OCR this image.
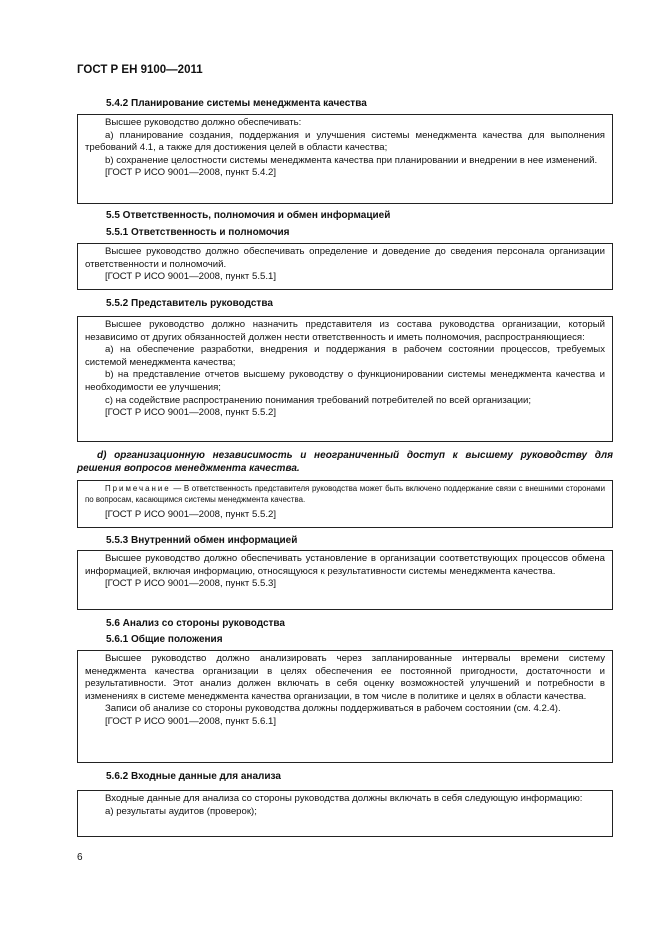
ГОСТ Р ЕН 9100—2011
5.4.2 Планирование системы менеджмента качества

Высшее руководство должно обеспечивать:

а) планирование создания, поддержания и улучшения системы менеджмента качества для выполнения требований 4.1, а также для достижения целей в области качества;

b) сохранение целостности системы менеджмента качества при планировании и внедрении в нее изменений.

[ГОСТ Р ИСО 9001—2008, пункт 5.4.2]

5.5 Ответственность, полномочия и обмен информацией
5.5.1 Ответственность и полномочия

Высшее руководство должно обеспечивать определение и доведение до сведения персонала организации ответственности и полномочий.

[ГОСТ Р ИСО 9001—2008, пункт 5.5.1]

5.5.2 Представитель руководства

Высшее руководство должно назначить представителя из состава руководства организации, который независимо от других обязанностей должен нести ответственность и иметь полномочия, распространяющиеся:

а) на обеспечение разработки, внедрения и поддержания в рабочем состоянии процессов, требуемых системой менеджмента качества;

b) на представление отчетов высшему руководству о функционировании системы менеджмента качества и необходимости ее улучшения;

с) на содействие распространению понимания требований потребителей по всей организации;

[ГОСТ Р ИСО 9001—2008, пункт 5.5.2]

d) организационную независимость и неограниченный доступ к высшему руководству для решения вопросов менеджмента качества.

Примечание — В ответственность представителя руководства может быть включено поддержание связи с внешними сторонами по вопросам, касающимся системы менеджмента качества.

[ГОСТ Р ИСО 9001—2008, пункт 5.5.2]

5.5.3 Внутренний обмен информацией

Высшее руководство должно обеспечивать установление в организации соответствующих процессов обмена информацией, включая информацию, относящуюся к результативности системы менеджмента качества.

[ГОСТ Р ИСО 9001—2008, пункт 5.5.3]

5.6 Анализ со стороны руководства
5.6.1 Общие положения

Высшее руководство должно анализировать через запланированные интервалы времени систему менеджмента качества организации в целях обеспечения ее постоянной пригодности, достаточности и результативности. Этот анализ должен включать в себя оценку возможностей улучшений и потребности в изменениях в системе менеджмента качества организации, в том числе в политике и целях в области качества.

Записи об анализе со стороны руководства должны поддерживаться в рабочем состоянии (см. 4.2.4).

[ГОСТ Р ИСО 9001—2008, пункт 5.6.1]

5.6.2 Входные данные для анализа

Входные данные для анализа со стороны руководства должны включать в себя следующую информацию:

а) результаты аудитов (проверок);

6
